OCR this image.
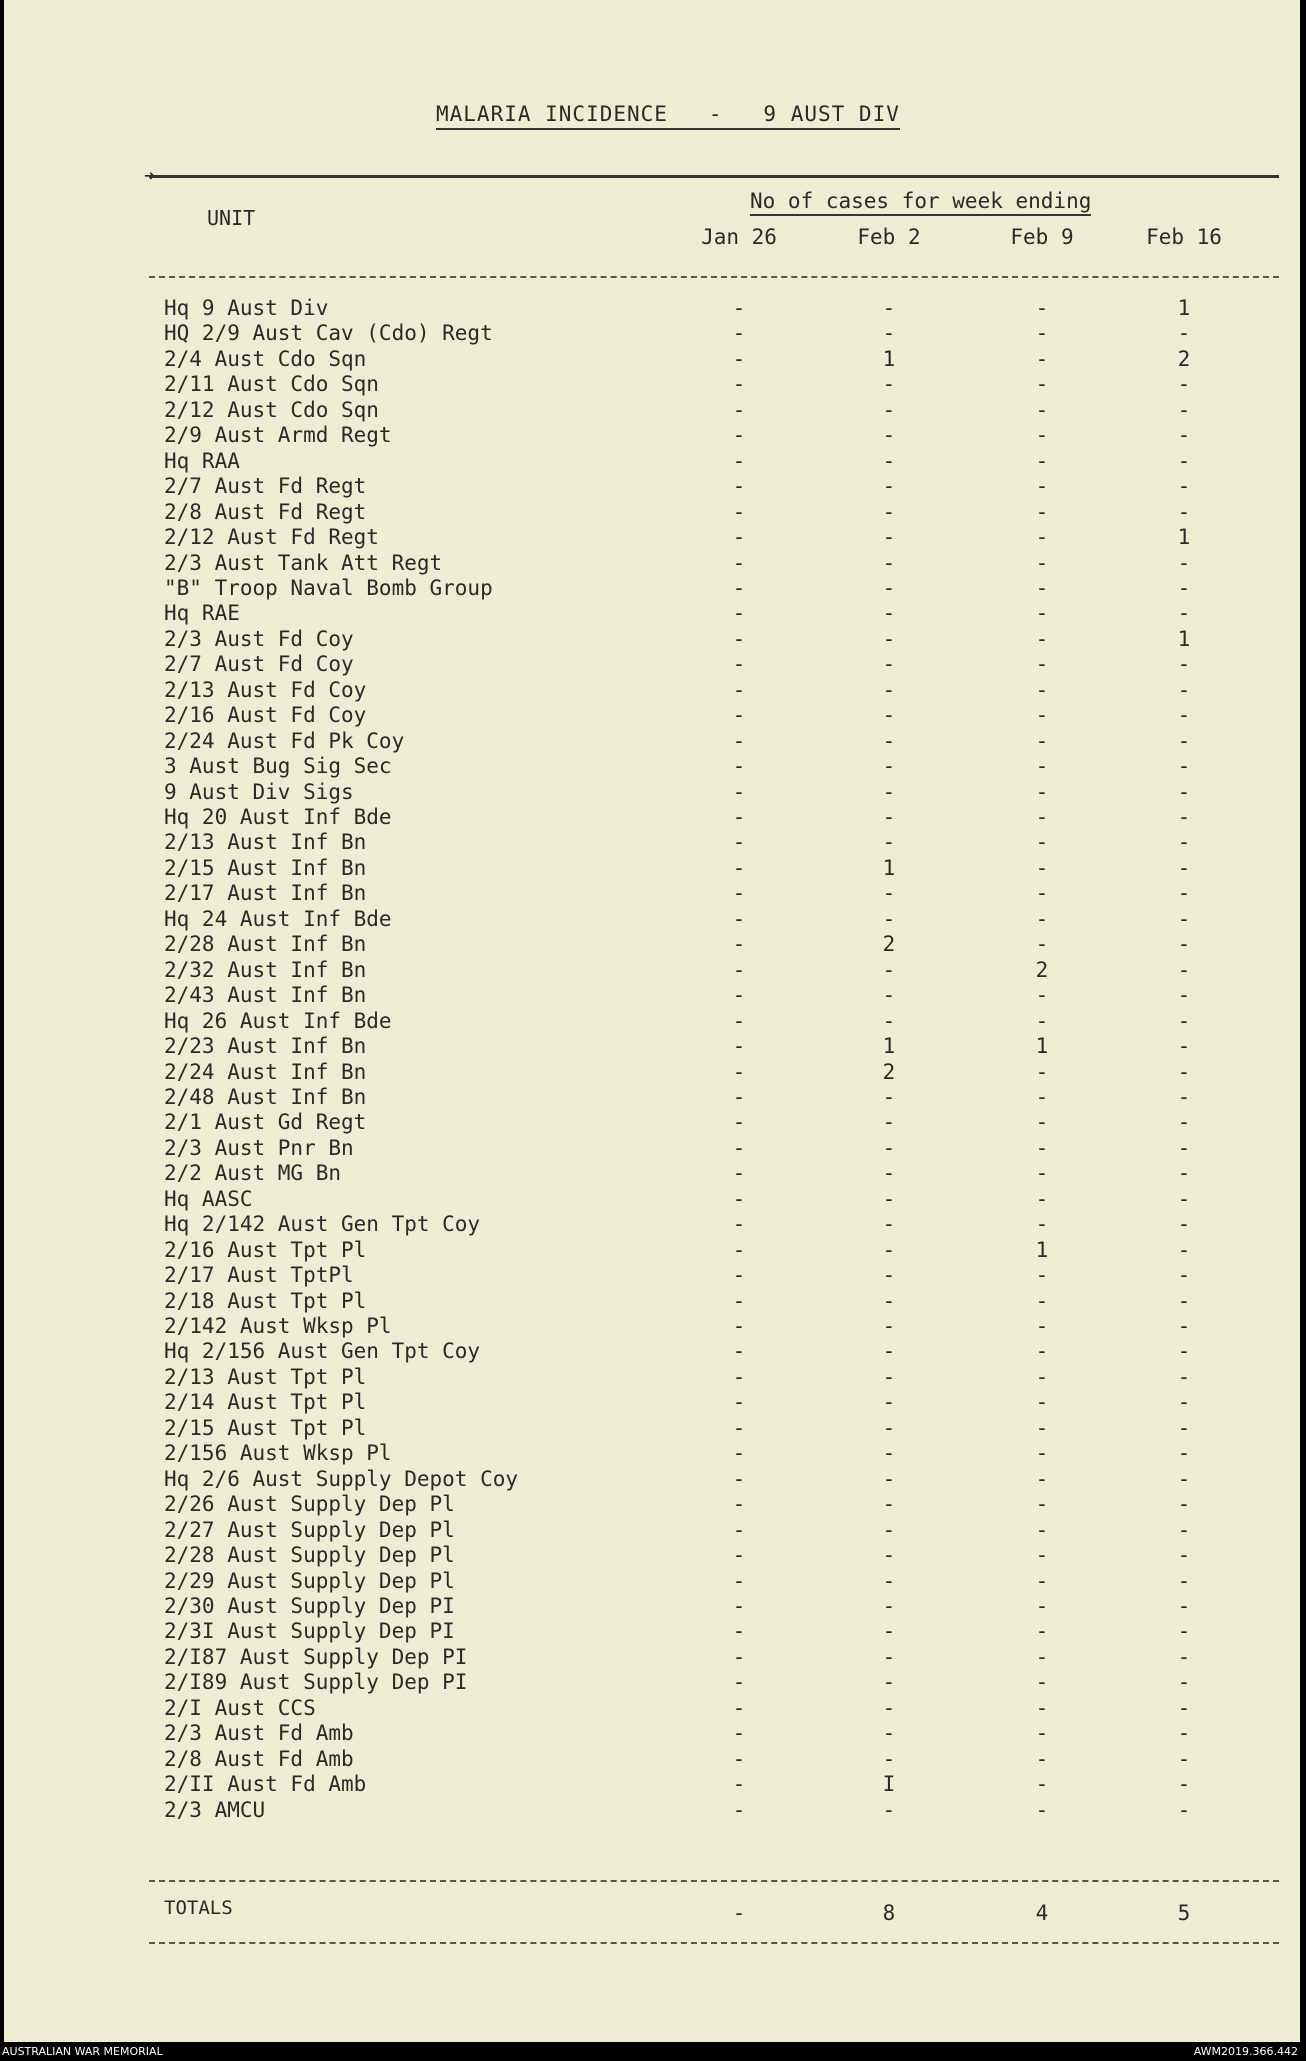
MALARIA INCIDENCE   -   9 AUST DIV
➜
UNIT
No of cases for week ending
Jan 26	Feb 2	Feb 9	Feb 16
Hq 9 Aust Div	-	-	-	1
HQ 2/9 Aust Cav (Cdo) Regt	-	-	-	-
2/4 Aust Cdo Sqn	-	1	-	2
2/11 Aust Cdo Sqn	-	-	-	-
2/12 Aust Cdo Sqn	-	-	-	-
2/9 Aust Armd Regt	-	-	-	-
Hq RAA	-	-	-	-
2/7 Aust Fd Regt	-	-	-	-
2/8 Aust Fd Regt	-	-	-	-
2/12 Aust Fd Regt	-	-	-	1
2/3 Aust Tank Att Regt	-	-	-	-
"B" Troop Naval Bomb Group	-	-	-	-
Hq RAE	-	-	-	-
2/3 Aust Fd Coy	-	-	-	1
2/7 Aust Fd Coy	-	-	-	-
2/13 Aust Fd Coy	-	-	-	-
2/16 Aust Fd Coy	-	-	-	-
2/24 Aust Fd Pk Coy	-	-	-	-
3 Aust Bug Sig Sec	-	-	-	-
9 Aust Div Sigs	-	-	-	-
Hq 20 Aust Inf Bde	-	-	-	-
2/13 Aust Inf Bn	-	-	-	-
2/15 Aust Inf Bn	-	1	-	-
2/17 Aust Inf Bn	-	-	-	-
Hq 24 Aust Inf Bde	-	-	-	-
2/28 Aust Inf Bn	-	2	-	-
2/32 Aust Inf Bn	-	-	2	-
2/43 Aust Inf Bn	-	-	-	-
Hq 26 Aust Inf Bde	-	-	-	-
2/23 Aust Inf Bn	-	1	1	-
2/24 Aust Inf Bn	-	2	-	-
2/48 Aust Inf Bn	-	-	-	-
2/1 Aust Gd Regt	-	-	-	-
2/3 Aust Pnr Bn	-	-	-	-
2/2 Aust MG Bn	-	-	-	-
Hq AASC	-	-	-	-
Hq 2/142 Aust Gen Tpt Coy	-	-	-	-
2/16 Aust Tpt Pl	-	-	1	-
2/17 Aust TptPl	-	-	-	-
2/18 Aust Tpt Pl	-	-	-	-
2/142 Aust Wksp Pl	-	-	-	-
Hq 2/156 Aust Gen Tpt Coy	-	-	-	-
2/13 Aust Tpt Pl	-	-	-	-
2/14 Aust Tpt Pl	-	-	-	-
2/15 Aust Tpt Pl	-	-	-	-
2/156 Aust Wksp Pl	-	-	-	-
Hq 2/6 Aust Supply Depot Coy	-	-	-	-
2/26 Aust Supply Dep Pl	-	-	-	-
2/27 Aust Supply Dep Pl	-	-	-	-
2/28 Aust Supply Dep Pl	-	-	-	-
2/29 Aust Supply Dep Pl	-	-	-	-
2/30 Aust Supply Dep PI	-	-	-	-
2/3I Aust Supply Dep PI	-	-	-	-
2/I87 Aust Supply Dep PI	-	-	-	-
2/I89 Aust Supply Dep PI	-	-	-	-
2/I Aust CCS	-	-	-	-
2/3 Aust Fd Amb	-	-	-	-
2/8 Aust Fd Amb	-	-	-	-
2/II Aust Fd Amb	-	I	-	-
2/3 AMCU	-	-	-	-
TOTALS	-	8	4	5
AUSTRALIAN WAR MEMORIAL	AWM2019.366.442
